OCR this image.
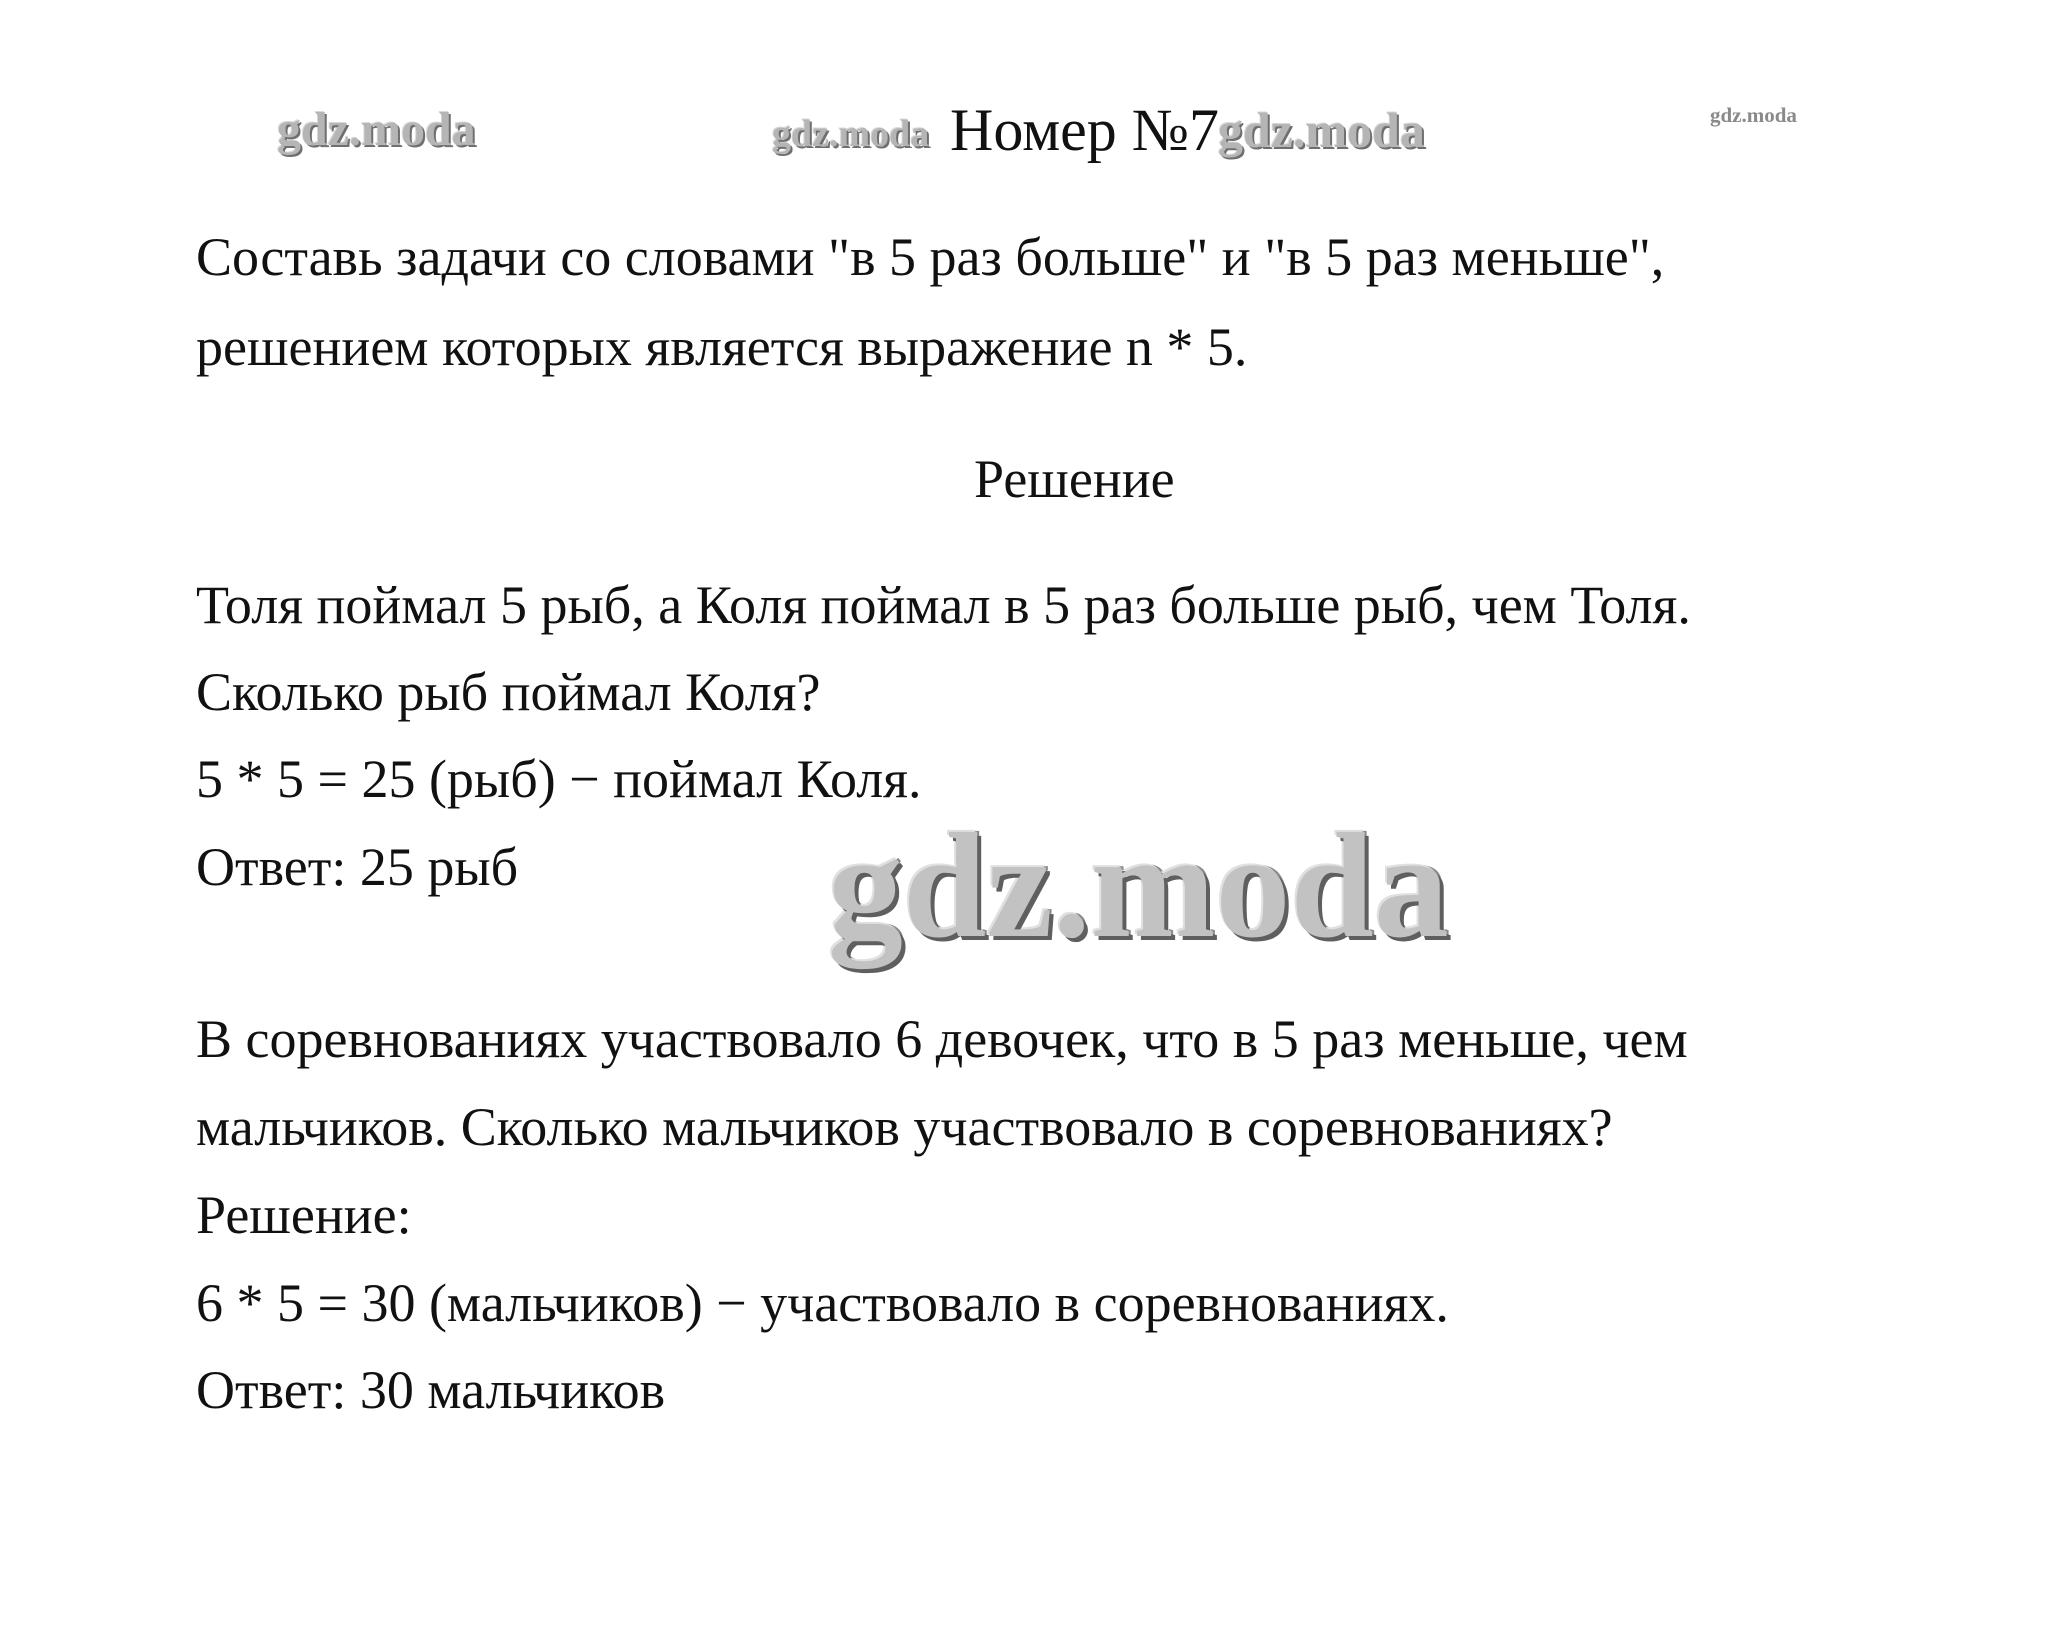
gdz.moda	gdz.moda Номер №7
gdz.moda	gdz.moda
Составь задачи со словами "в 5 раз больше" и "в 5 раз меньше",
решением которых является выражение n * 5.
Решение
Толя поймал 5 рыб, а Коля поймал в 5 раз больше рыб, чем Толя.
Сколько рыб поймал Коля?
5 * 5 = 25 (рыб) − поймал Коля.
Ответ: 25 рыб gdz.moda
В соревнованиях участвовало 6 девочек, что в 5 раз меньше, чем
мальчиков. Сколько мальчиков участвовало в соревнованиях?
Решение:
6 * 5 = 30 (мальчиков) − участвовало в соревнованиях.
Ответ: 30 мальчиков
